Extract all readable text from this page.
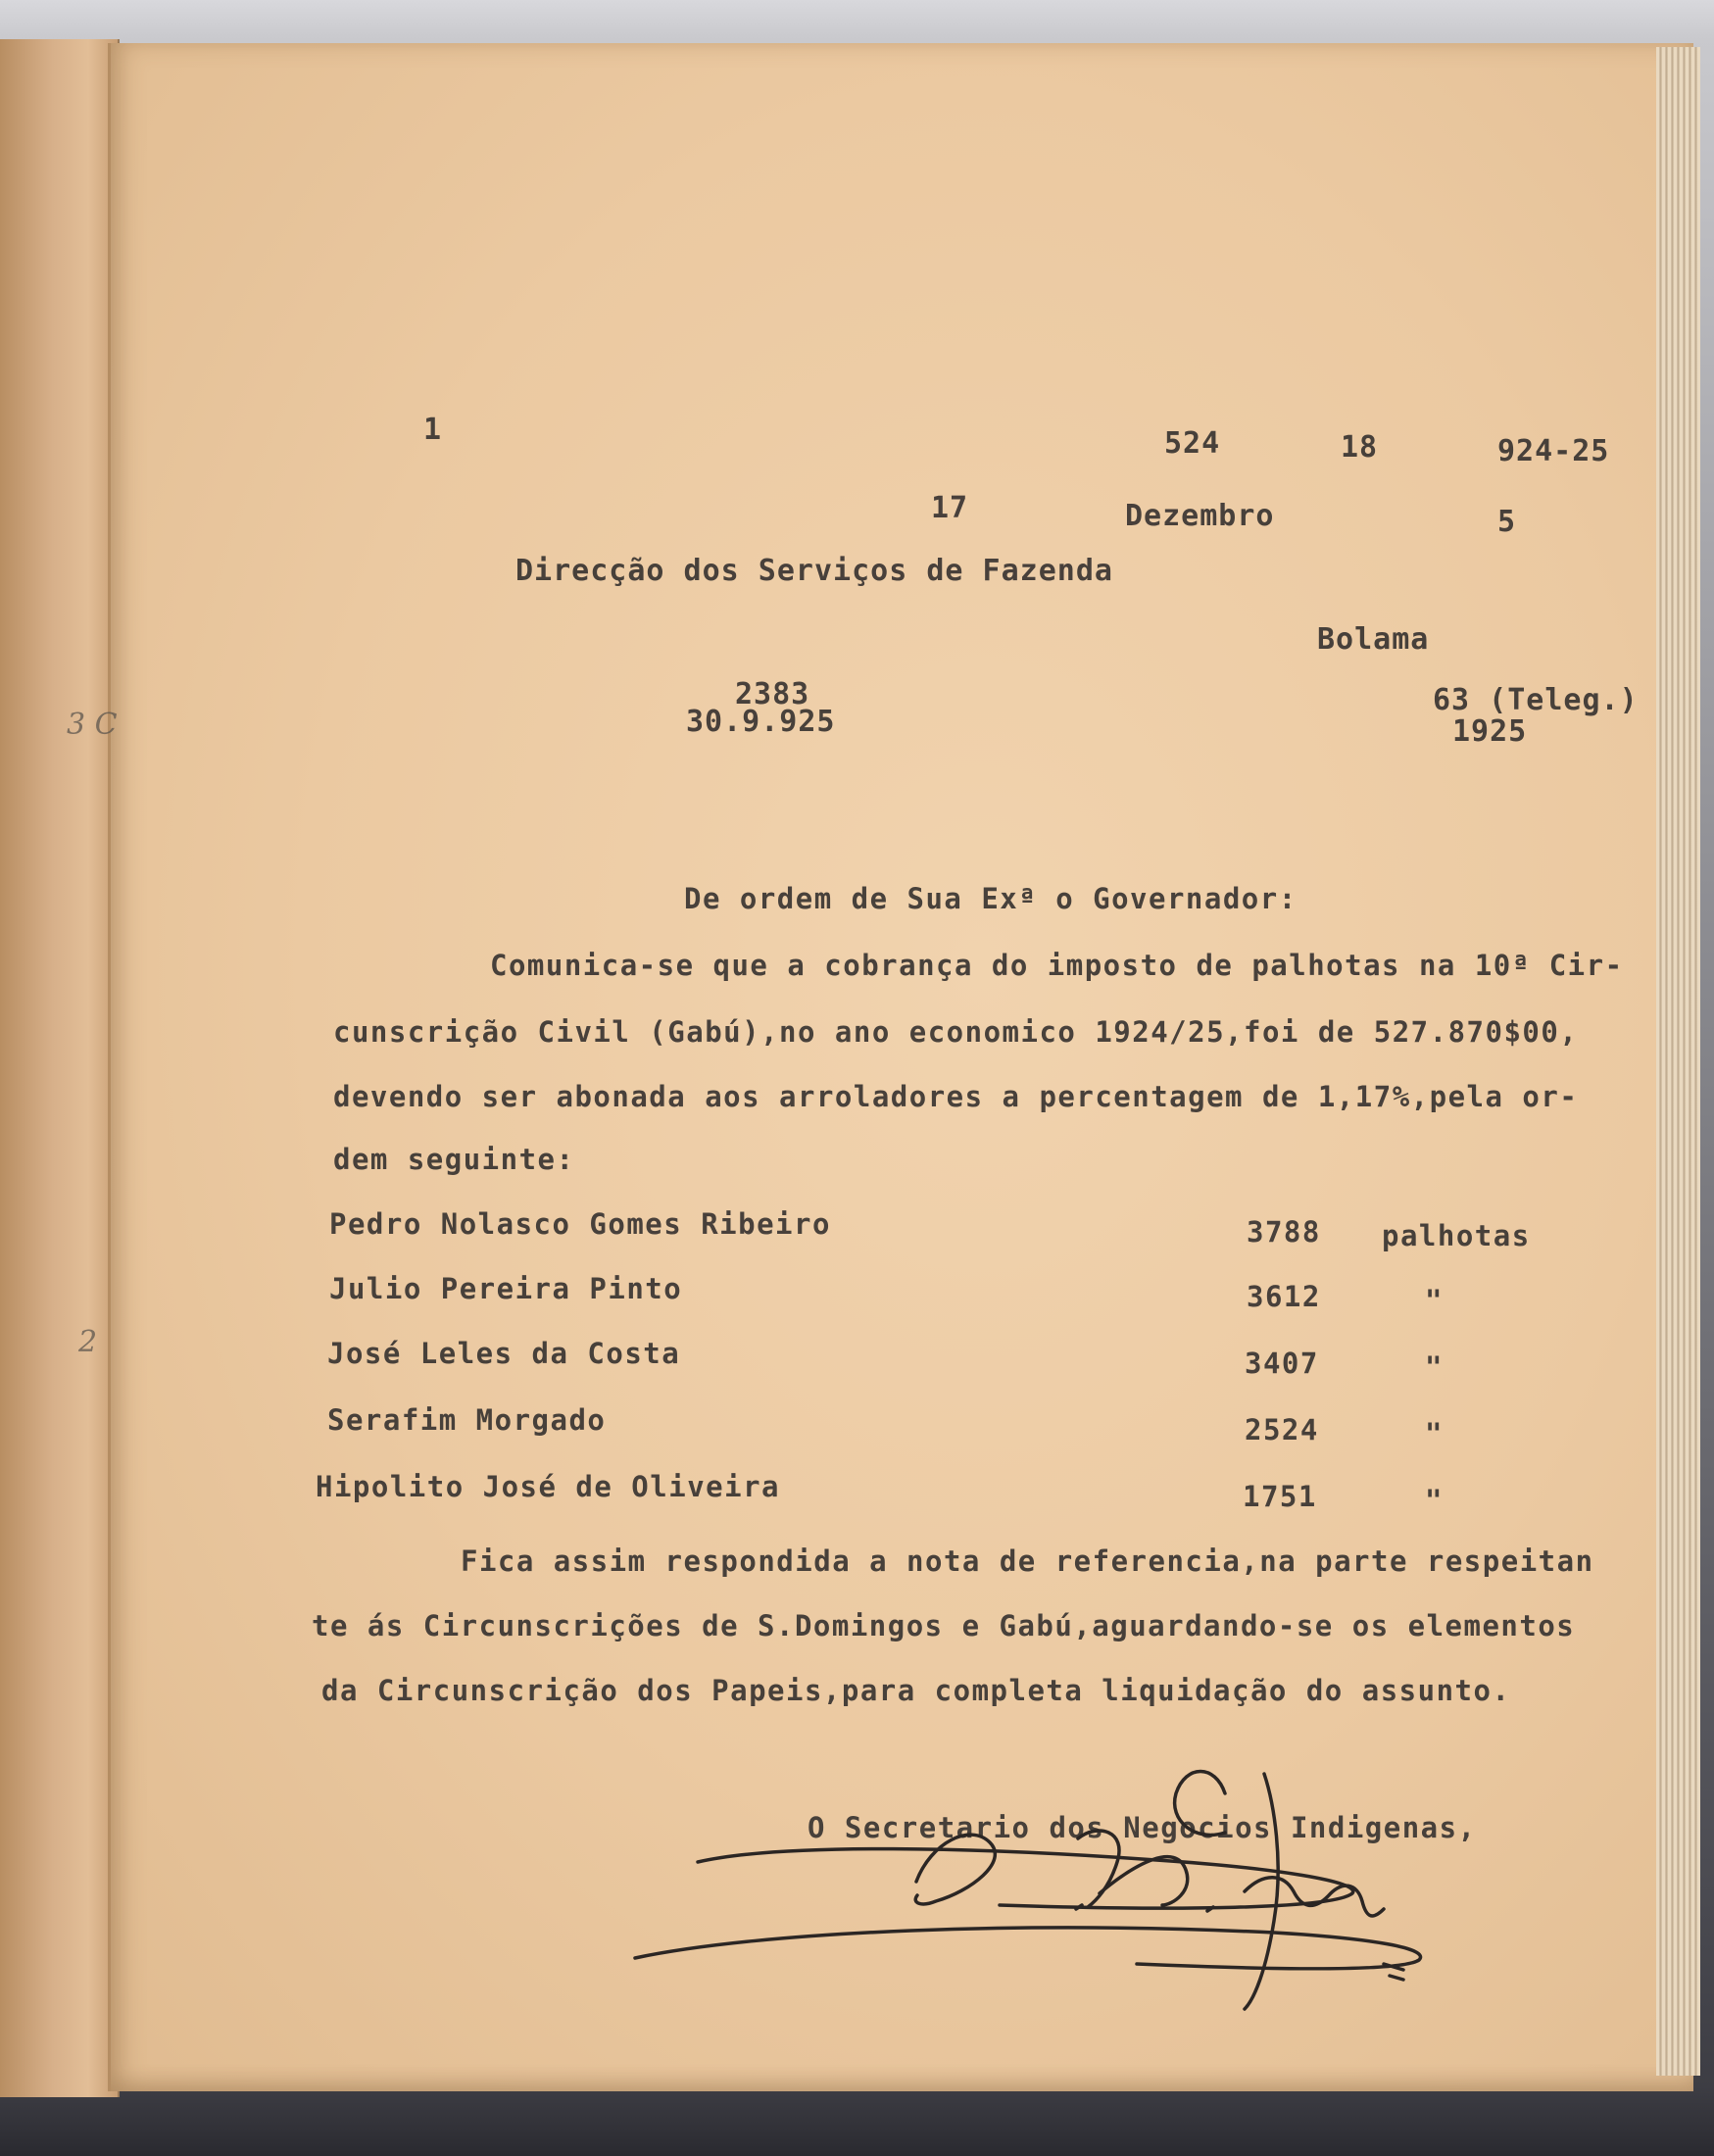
3 C
2
1	524	18	924-25
17	Dezembro	5
Direcção dos Serviços de Fazenda
Bolama
2383
30.9.925
63 (Teleg.)
1925
De ordem de Sua Exª o Governador:
Comunica-se que a cobrança do imposto de palhotas na 10ª Cir-
cunscrição Civil (Gabú),no ano economico 1924/25,foi de 527.870$00,
devendo ser abonada aos arroladores a percentagem de 1,17%,pela or-
dem seguinte:
Pedro Nolasco Gomes Ribeiro	3788 palhotas
Julio Pereira Pinto	3612	"
José Leles da Costa	3407	"
Serafim Morgado	2524	"
Hipolito José de Oliveira	1751	"
Fica assim respondida a nota de referencia,na parte respeitan
te ás Circunscrições de S.Domingos e Gabú,aguardando-se os elementos
da Circunscrição dos Papeis,para completa liquidação do assunto.
O Secretario dos Negocios Indigenas,
